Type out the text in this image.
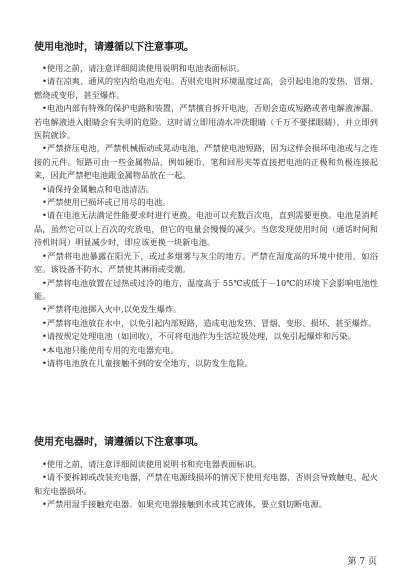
使用电池时，请遵循以下注意事项。

•使用之前，请注意详细阅读使用说明和电池表面标识。

•请在凉爽、通风的室内给电池充电。否则充电时环境温度过高，会引起电池的发热、冒烟、燃烧或变形，甚至爆炸。

•电池内部有特殊的保护电路和装置，严禁擅自拆开电池，否则会造成短路或者电解液渗漏。若电解液进入眼睛会有失明的危险。这时请立即用清水冲洗眼睛（千万不要揉眼睛），并立即到医院就诊。

•严禁挤压电池，严禁机械振动或晃动电池，严禁使电池短路，因为这样会损坏电池或与之连接的元件。短路可由一些金属物品，例如硬币、笔和回形夹等直接把电池的正极和负极连接起来，因此严禁把电池跟金属物品放在一起。

•请保持金属触点和电池清洁。

•严禁使用已损坏或已用尽的电池。

•请在电池无法满足性能要求时进行更换。电池可以充数百次电，直到需要更换。电池是消耗品，虽然它可以上百次的充放电，但它的电量会慢慢的减少。当您发现使用时间（通话时间和待机时间）明显减少时，即应该更换一块新电池。

•严禁将电池暴露在阳光下，或过多烟雾与灰尘的地方。严禁在湿度高的环境中使用，如浴室。该设备不防水，严禁使其淋雨或受潮。

•严禁将电池放置在过热或过冷的地方，温度高于 55℃或低于－10℃的环境下会影响电池性能。

•严禁将电池掷入火中,以免发生爆炸。

•严禁将电池放在水中，以免引起内部短路，造成电池发热、冒烟、变形、损坏、甚至爆炸。

•请按规定处理电池（如回收），不可将电池作为生活垃圾处理，以免引起爆炸和污染。

•本电池只能使用专用的充电器充电。

•请将电池放在儿童接触不到的安全地方，以防发生危险。

使用充电器时，请遵循以下注意事项。

•使用之前，请注意详细阅读使用说明书和充电器表面标识。

•请不要拆卸或改装充电器，严禁在电源线损坏的情况下使用充电器，否则会导致触电、起火和充电器损坏。

•严禁用湿手接触充电器。如果充电器接触到水或其它液体，要立刻切断电源。

第 7 页
